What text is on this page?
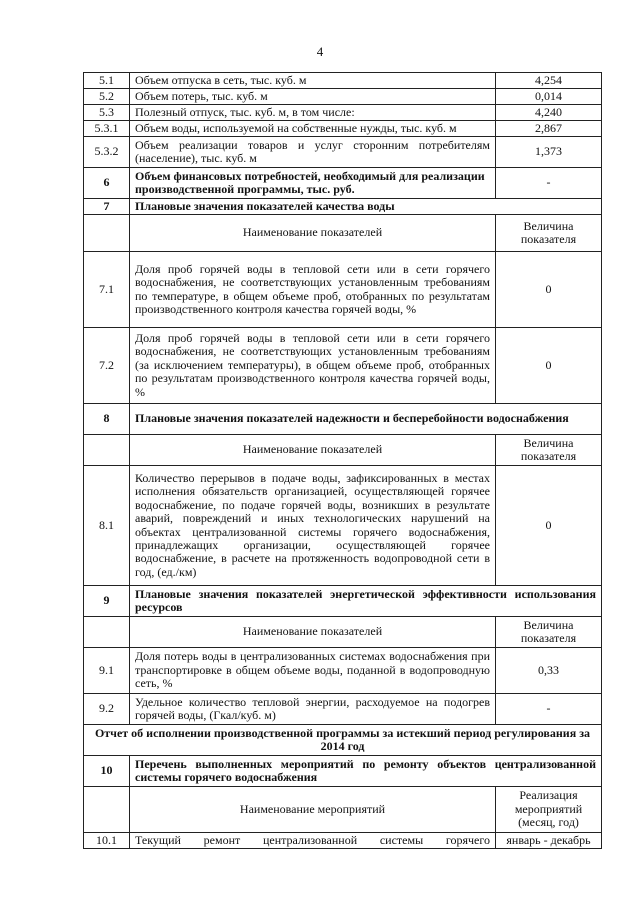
4
5.1	Объем отпуска в сеть, тыс. куб. м	4,254
5.2	Объем потерь, тыс. куб. м	0,014
5.3	Полезный отпуск, тыс. куб. м, в том числе:	4,240
5.3.1	Объем воды, используемой на собственные нужды, тыс. куб. м	2,867
5.3.2	Объем реализации товаров и услуг сторонним потребителям (население), тыс. куб. м	1,373
6	Объем финансовых потребностей, необходимый для реализации производственной программы, тыс. руб.	-
7	Плановые значения показателей качества воды	
	Наименование показателей	Величина показателя
7.1	Доля проб горячей воды в тепловой сети или в сети горячего водоснабжения, не соответствующих установленным требованиям по температуре, в общем объеме проб, отобранных по результатам производственного контроля качества горячей воды, %	0
7.2	Доля проб горячей воды в тепловой сети или в сети горячего водоснабжения, не соответствующих установленным требованиям (за исключением температуры), в общем объеме проб, отобранных по результатам производственного контроля качества горячей воды, %	0
8	Плановые значения показателей надежности и бесперебойности водоснабжения	
	Наименование показателей	Величина показателя
8.1	Количество перерывов в подаче воды, зафиксированных в местах исполнения обязательств организацией, осуществляющей горячее водоснабжение, по подаче горячей воды, возникших в результате аварий, повреждений и иных технологических нарушений на объектах централизованной системы горячего водоснабжения, принадлежащих организации, осуществляющей горячее водоснабжение, в расчете на протяженность водопроводной сети в год, (ед./км)	0
9	Плановые значения показателей энергетической эффективности использования ресурсов	
	Наименование показателей	Величина показателя
9.1	Доля потерь воды в централизованных системах водоснабжения при транспортировке в общем объеме воды, поданной в водопроводную сеть, %	0,33
9.2	Удельное количество тепловой энергии, расходуемое на подогрев горячей воды, (Гкал/куб. м)	-
Отчет об исполнении производственной программы за истекший период регулирования за 2014 год		
10	Перечень выполненных мероприятий по ремонту объектов централизованной системы горячего водоснабжения	
	Наименование мероприятий	Реализация мероприятий (месяц, год)
10.1	Текущий ремонт централизованной системы горячего	январь - декабрь
